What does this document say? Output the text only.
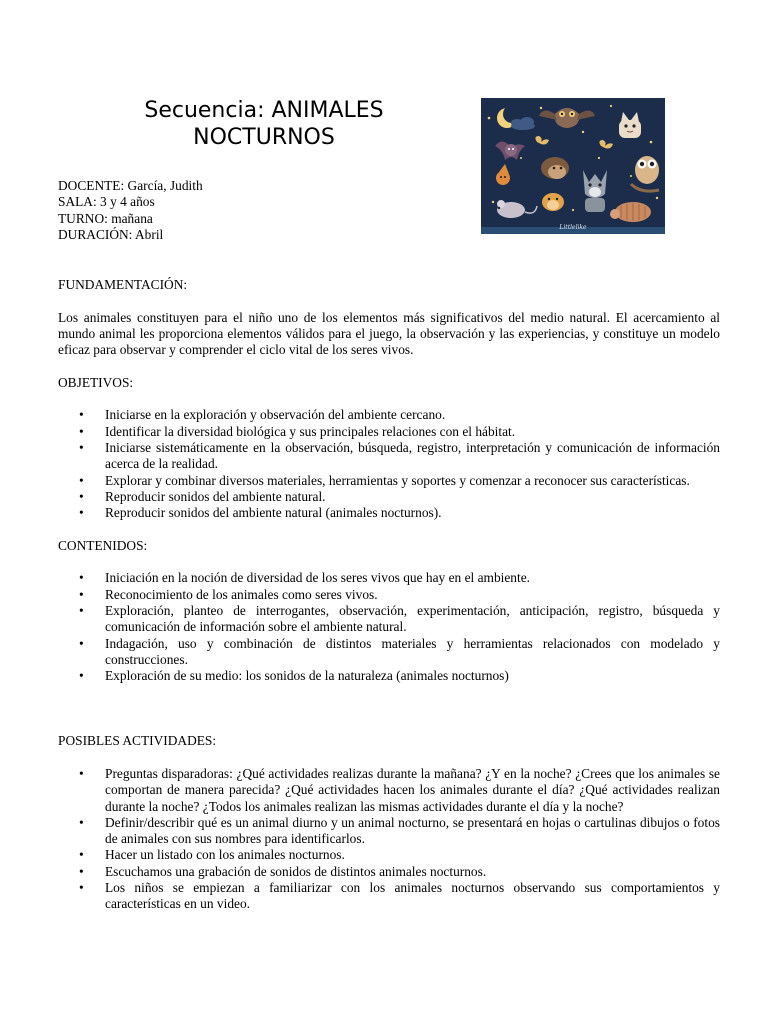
Secuencia: ANIMALES
NOCTURNOS
DOCENTE: García, Judith
SALA: 3 y 4 años
TURNO: mañana
DURACIÓN: Abril	Littlelike

FUNDAMENTACIÓN:

Los animales constituyen para el niño uno de los elementos más significativos del medio natural. El acercamiento al mundo animal les proporciona elementos válidos para el juego, la observación y las experiencias, y constituye un modelo eficaz para observar y comprender el ciclo vital de los seres vivos.

OBJETIVOS:

• Iniciarse en la exploración y observación del ambiente cercano.
• Identificar la diversidad biológica y sus principales relaciones con el hábitat.
• Iniciarse sistemáticamente en la observación, búsqueda, registro, interpretación y comunicación de información acerca de la realidad.
• Explorar y combinar diversos materiales, herramientas y soportes y comenzar a reconocer sus características.
• Reproducir sonidos del ambiente natural.
• Reproducir sonidos del ambiente natural (animales nocturnos).

CONTENIDOS:

• Iniciación en la noción de diversidad de los seres vivos que hay en el ambiente.
• Reconocimiento de los animales como seres vivos.
• Exploración, planteo de interrogantes, observación, experimentación, anticipación, registro, búsqueda y comunicación de información sobre el ambiente natural.
• Indagación, uso y combinación de distintos materiales y herramientas relacionados con modelado y construcciones.
• Exploración de su medio: los sonidos de la naturaleza (animales nocturnos)

POSIBLES ACTIVIDADES:

• Preguntas disparadoras: ¿Qué actividades realizas durante la mañana? ¿Y en la noche? ¿Crees que los animales se comportan de manera parecida? ¿Qué actividades hacen los animales durante el día? ¿Qué actividades realizan durante la noche? ¿Todos los animales realizan las mismas actividades durante el día y la noche?
• Definir/describir qué es un animal diurno y un animal nocturno, se presentará en hojas o cartulinas dibujos o fotos de animales con sus nombres para identificarlos.
• Hacer un listado con los animales nocturnos.
• Escuchamos una grabación de sonidos de distintos animales nocturnos.
• Los niños se empiezan a familiarizar con los animales nocturnos observando sus comportamientos y características en un video.
